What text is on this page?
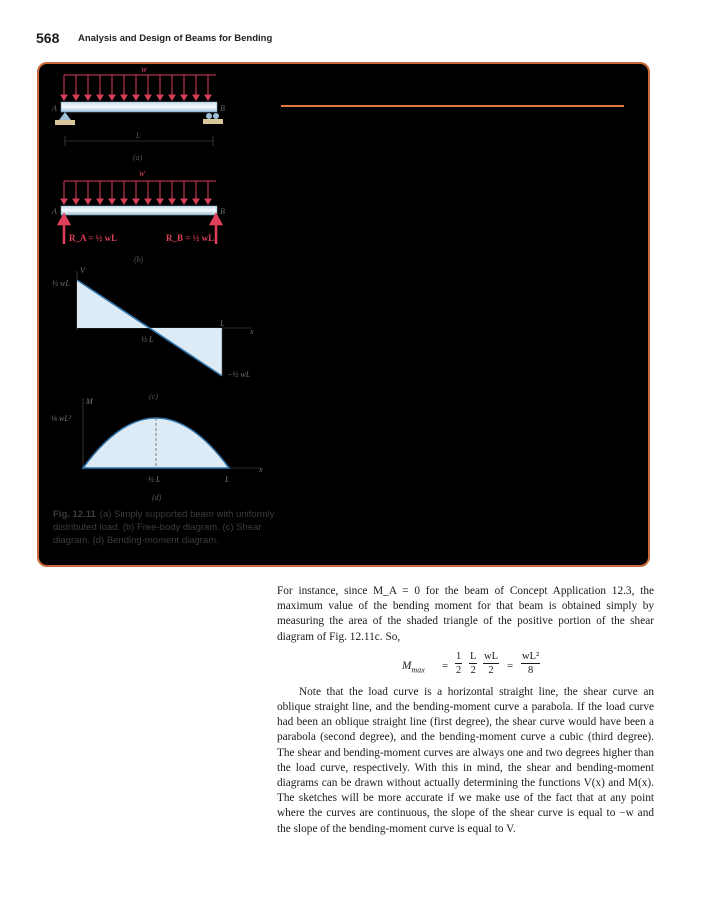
568 Analysis and Design of Beams for Bending
w
A	B
L
(a)
w
A	B
R_A = ½ wL	R_B = ½ wL
(b)
V
x
½ wL
−½ wL
½ L
L
(c)
M
x
⅛ wL²
½ L	L
(d)
Fig. 12.11 (a) Simply supported beam with uniformly distributed load. (b) Free-body diagram. (c) Shear diagram. (d) Bending-moment diagram.

For instance, since M_A = 0 for the beam of Concept Application 12.3, the maximum value of the bending moment for that beam is obtained simply by measuring the area of the shaded triangle of the positive portion of the shear diagram of Fig. 12.11c. So,

$M_{max} = \frac{1}{2} \frac{L}{2} \frac{wL}{2} = \frac{\text{wL²}}{8}$

Note that the load curve is a horizontal straight line, the shear curve an oblique straight line, and the bending-moment curve a parabola. If the load curve had been an oblique straight line (first degree), the shear curve would have been a parabola (second degree), and the bending-moment curve a cubic (third degree). The shear and bending-moment curves are always one and two degrees higher than the load curve, respectively. With this in mind, the shear and bending-moment diagrams can be drawn without actually determining the functions V(x) and M(x). The sketches will be more accurate if we make use of the fact that at any point where the curves are continuous, the slope of the shear curve is equal to −w and the slope of the bending-moment curve is equal to V.
